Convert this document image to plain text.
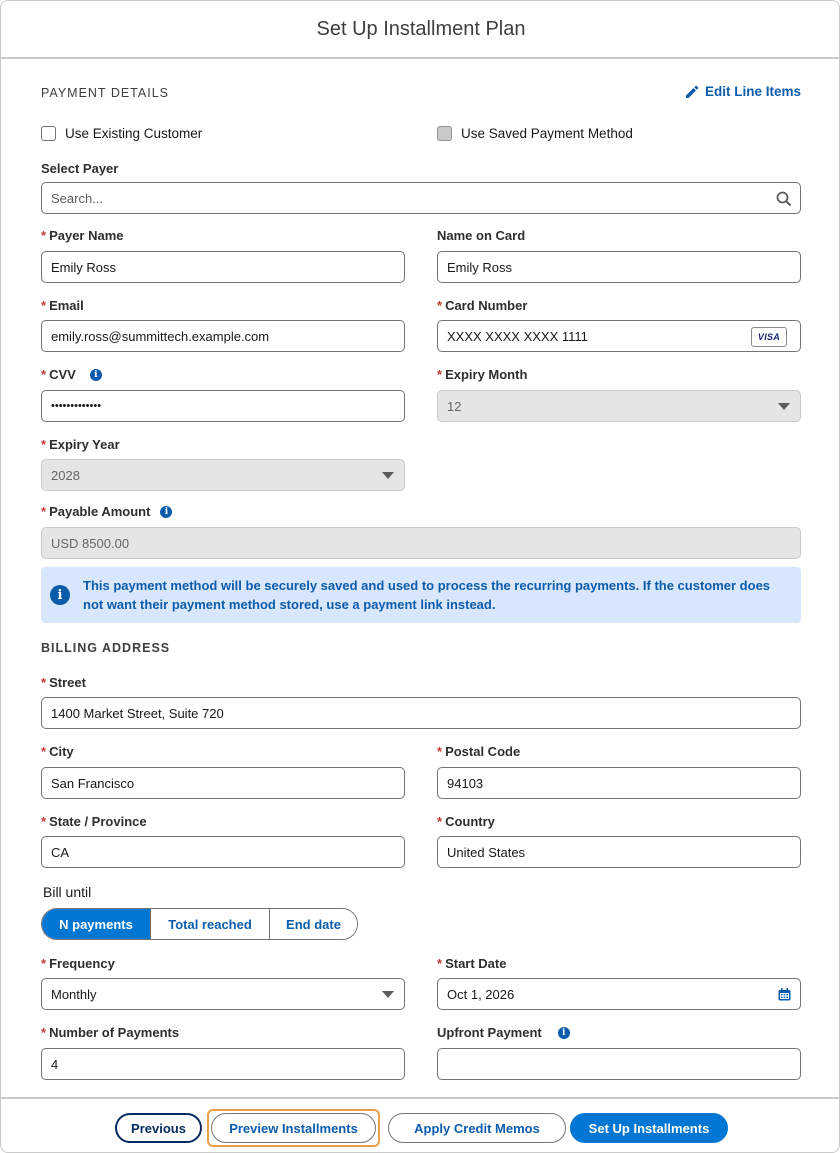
Set Up Installment Plan
PAYMENT DETAILS	Edit Line Items
Use Existing Customer	Use Saved Payment Method
Select Payer
Search...
* Payer Name
Emily Ross
Name on Card
Emily Ross
* Email
emily.ross@summittech.example.com
* Card Number
XXXX XXXX XXXX 1111	VISA
* CVV	i
•••••••••••••
* Expiry Month
12
* Expiry Year
2028
* Payable Amount	i
USD 8500.00
i

This payment method will be securely saved and used to process the recurring payments. If the customer does not want their payment method stored, use a payment link instead.

BILLING ADDRESS
* Street
1400 Market Street, Suite 720
* City
San Francisco
* Postal Code
94103
* State / Province
CA
* Country
United States
Bill until
N payments	Total reached	End date
* Frequency
Monthly
* Start Date
Oct 1, 2026
* Number of Payments
4
Upfront Payment	i
Previous	Preview Installments	Apply Credit Memos	Set Up Installments
